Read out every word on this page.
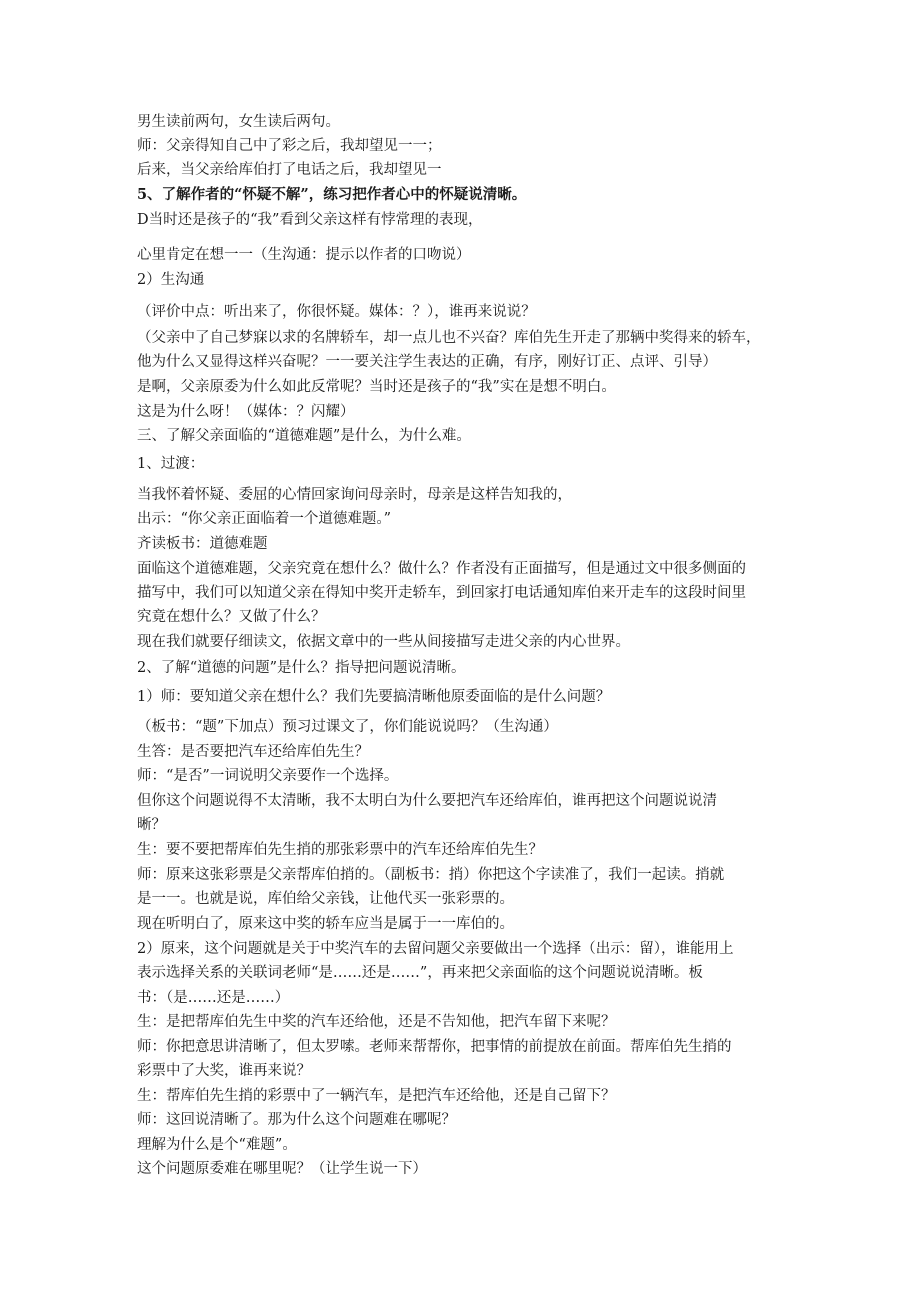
男生读前两句，女生读后两句。
师：父亲得知自己中了彩之后，我却望见一一；
后来，当父亲给库伯打了电话之后，我却望见一
5、了解作者的“怀疑不解”，练习把作者心中的怀疑说清晰。
D当时还是孩子的“我”看到父亲这样有悖常理的表现，
心里肯定在想一一（生沟通：提示以作者的口吻说）
2）生沟通
（评价中点：听出来了，你很怀疑。媒体：？），谁再来说说？
（父亲中了自己梦寐以求的名牌轿车，却一点儿也不兴奋？库伯先生开走了那辆中奖得来的轿车，
他为什么又显得这样兴奋呢？一一要关注学生表达的正确，有序，刚好订正、点评、引导）
是啊，父亲原委为什么如此反常呢？当时还是孩子的“我”实在是想不明白。
这是为什么呀！（媒体：？闪耀）
三、了解父亲面临的“道德难题”是什么，为什么难。
1、过渡：
当我怀着怀疑、委屈的心情回家询问母亲时，母亲是这样告知我的，
出示：“你父亲正面临着一个道德难题。”
齐读板书：道德难题
面临这个道德难题，父亲究竟在想什么？做什么？作者没有正面描写，但是通过文中很多侧面的
描写中，我们可以知道父亲在得知中奖开走轿车，到回家打电话通知库伯来开走车的这段时间里
究竟在想什么？又做了什么？
现在我们就要仔细读文，依据文章中的一些从间接描写走进父亲的内心世界。
2、了解“道德的问题”是什么？指导把问题说清晰。
1）师：要知道父亲在想什么？我们先要搞清晰他原委面临的是什么问题？
（板书：“题”下加点）预习过课文了，你们能说说吗？（生沟通）
生答：是否要把汽车还给库伯先生？
师：“是否”一词说明父亲要作一个选择。
但你这个问题说得不太清晰，我不太明白为什么要把汽车还给库伯，谁再把这个问题说说清
晰？
生：要不要把帮库伯先生捎的那张彩票中的汽车还给库伯先生？
师：原来这张彩票是父亲帮库伯捎的。（副板书：捎）你把这个字读准了，我们一起读。捎就
是一一。也就是说，库伯给父亲钱，让他代买一张彩票的。
现在听明白了，原来这中奖的轿车应当是属于一一库伯的。
2）原来，这个问题就是关于中奖汽车的去留问题父亲要做出一个选择（出示：留），谁能用上
表示选择关系的关联词老师“是……还是……”，再来把父亲面临的这个问题说说清晰。板
书：（是……还是……）
生：是把帮库伯先生中奖的汽车还给他，还是不告知他，把汽车留下来呢？
师：你把意思讲清晰了，但太罗嗦。老师来帮帮你，把事情的前提放在前面。帮库伯先生捎的
彩票中了大奖，谁再来说？
生：帮库伯先生捎的彩票中了一辆汽车，是把汽车还给他，还是自己留下？
师：这回说清晰了。那为什么这个问题难在哪呢？
理解为什么是个“难题”。
这个问题原委难在哪里呢？（让学生说一下）
